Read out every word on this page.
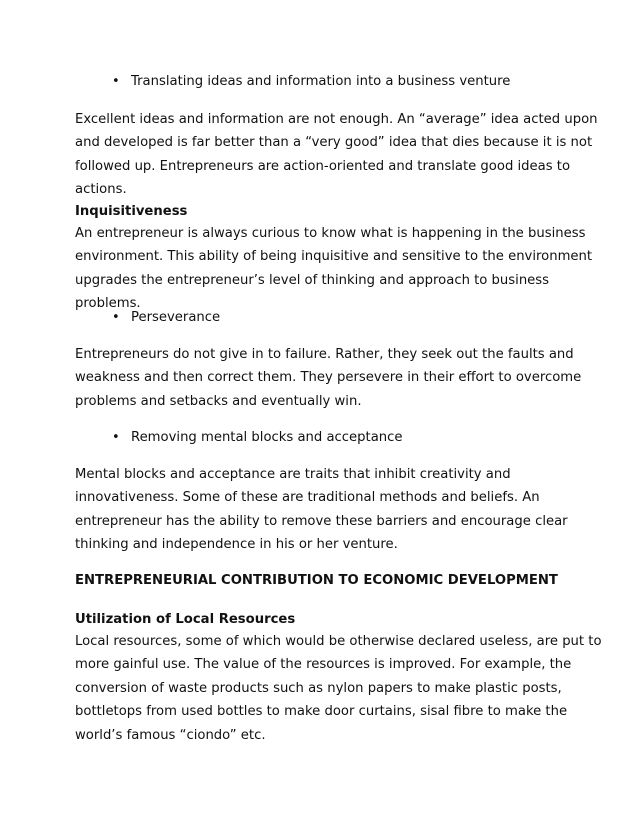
• Translating ideas and information into a business venture

Excellent ideas and information are not enough. An “average” idea acted upon and developed is far better than a “very good” idea that dies because it is not followed up. Entrepreneurs are action-oriented and translate good ideas to actions.

Inquisitiveness

An entrepreneur is always curious to know what is happening in the business environment. This ability of being inquisitive and sensitive to the environment upgrades the entrepreneur’s level of thinking and approach to business problems.

• Perseverance

Entrepreneurs do not give in to failure. Rather, they seek out the faults and weakness and then correct them. They persevere in their effort to overcome problems and setbacks and eventually win.

• Removing mental blocks and acceptance

Mental blocks and acceptance are traits that inhibit creativity and innovativeness. Some of these are traditional methods and beliefs. An entrepreneur has the ability to remove these barriers and encourage clear thinking and independence in his or her venture.

ENTREPRENEURIAL CONTRIBUTION TO ECONOMIC DEVELOPMENT
Utilization of Local Resources

Local resources, some of which would be otherwise declared useless, are put to more gainful use. The value of the resources is improved. For example, the conversion of waste products such as nylon papers to make plastic posts, bottletops from used bottles to make door curtains, sisal fibre to make the world’s famous “ciondo” etc.
